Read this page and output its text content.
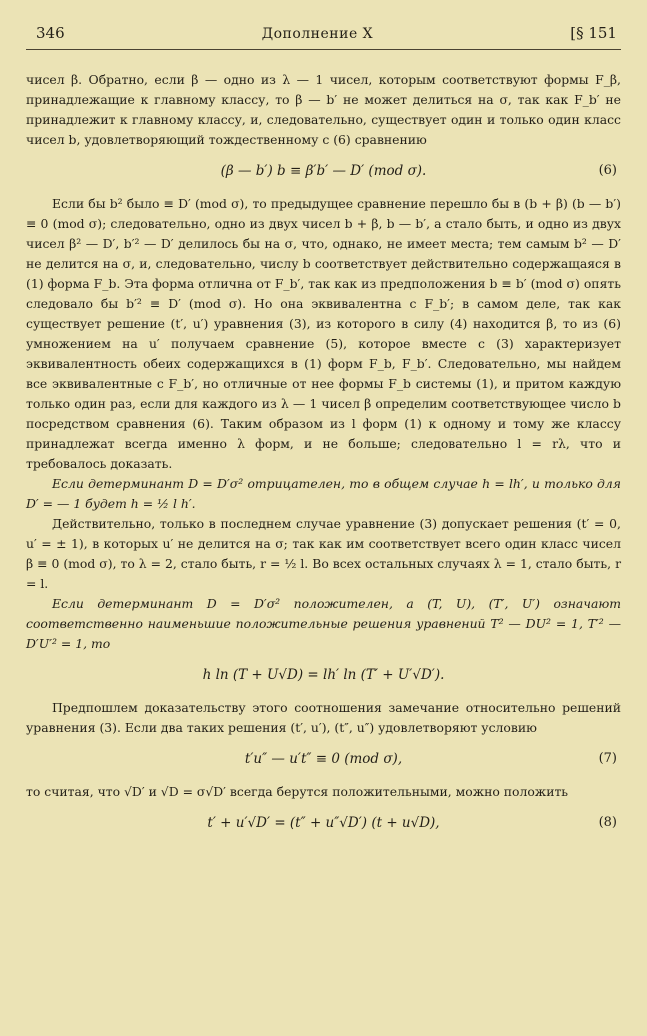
346	Дополнение X	[§ 151

чисел β. Обратно, если β — одно из λ — 1 чисел, которым соответствуют формы F_β, принадлежащие к главному классу, то β — b′ не может делиться на σ, так как F_b′ не принадлежит к главному классу, и, следовательно, существует один и только один класс чисел b, удовлетворяющий тождественному с (6) сравнению

(β — b′) b ≡ β′b′ — D′ (mod σ).	(6)

Если бы b² было ≡ D′ (mod σ), то предыдущее сравнение перешло бы в (b + β) (b — b′) ≡ 0 (mod σ); следовательно, одно из двух чисел b + β, b — b′, а стало быть, и одно из двух чисел β² — D′, b′² — D′ делилось бы на σ, что, однако, не имеет места; тем самым b² — D′ не делится на σ, и, следовательно, числу b соответствует действительно содержащаяся в (1) форма F_b. Эта форма отлична от F_b′, так как из предположения b ≡ b′ (mod σ) опять следовало бы b′² ≡ D′ (mod σ). Но она эквивалентна с F_b′; в самом деле, так как существует решение (t′, u′) уравнения (3), из которого в силу (4) находится β, то из (6) умножением на u′ получаем сравнение (5), которое вместе с (3) характеризует эквивалентность обеих содержащихся в (1) форм F_b, F_b′. Следовательно, мы найдем все эквивалентные с F_b′, но отличные от нее формы F_b системы (1), и притом каждую только один раз, если для каждого из λ — 1 чисел β определим соответствующее число b посредством сравнения (6). Таким образом из l форм (1) к одному и тому же классу принадлежат всегда именно λ форм, и не больше; следовательно l = rλ, что и требовалось доказать.

Если детерминант D = D′σ² отрицателен, то в общем случае h = lh′, и только для D′ = — 1 будет h = ½ l h′.

Действительно, только в последнем случае уравнение (3) допускает решения (t′ = 0, u′ = ± 1), в которых u′ не делится на σ; так как им соответствует всего один класс чисел β ≡ 0 (mod σ), то λ = 2, стало быть, r = ½ l. Во всех остальных случаях λ = 1, стало быть, r = l.

Если детерминант D = D′σ² положителен, а (T, U), (T′, U′) означают соответственно наименьшие положительные решения уравнений T² — DU² = 1, T′² — D′U′² = 1, то

h ln (T + U√D) = lh′ ln (T′ + U′√D′).

Предпошлем доказательству этого соотношения замечание относительно решений уравнения (3). Если два таких решения (t′, u′), (t″, u″) удовлетворяют условию

t′u″ — u′t″ ≡ 0 (mod σ),	(7)

то считая, что √D′ и √D = σ√D′ всегда берутся положительными, можно положить

t′ + u′√D′ = (t″ + u″√D′) (t + u√D),	(8)
